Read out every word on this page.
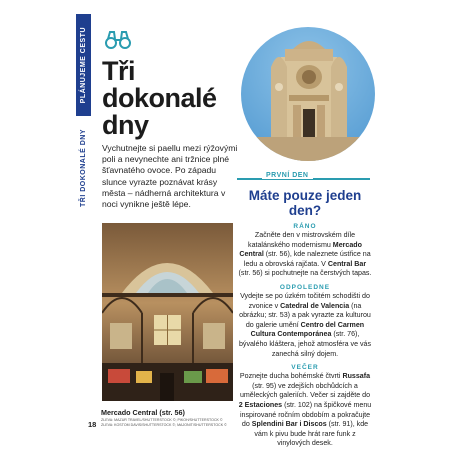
PLÁNUJEME CESTU
TŘI DOKONALÉ DNY
Tři
dokonalé
dny
Vychutnejte si paellu mezi rýžovými poli a nevynechte ani tržnice plné šťavnatého ovoce. Po západu slunce vyrazte poznávat krásy města – nádherná architektura v noci vynikne ještě lépe.
PRVNÍ DEN
Máte pouze jeden den?
RÁNO
Začněte den v mistrovském díle katalánského modernismu Mercado Central (str. 56), kde naleznete ústřice na ledu a obrovská rajčata. V Central Bar (str. 56) si pochutnejte na čerstvých tapas.
ODPOLEDNE
Vydejte se po úzkém točitém schodišti do zvonice v Catedral de Valencia (na obrázku; str. 53) a pak vyrazte za kulturou do galerie umění Centro del Carmen Cultura Contemporánea (str. 76), bývalého kláštera, jehož atmosféra ve vás zanechá silný dojem.
VEČER
Poznejte ducha bohémské čtvrti Russafa (str. 95) ve zdejších obchůdcích a uměleckých galeriích. Večer si zajděte do 2 Estaciones (str. 102) na špičkové menu inspirované ročním obdobím a pokračujte do Splendini Bar i Discos (str. 91), kde vám k pivu bude hrát rare funk z vinylových desek.
Mercado Central (str. 56)
ZLEVA: MAZUR TRAVEL/SHUTTERSTOCK ©; PIKOH/SHUTTERSTOCK ©
ZLEVA: KOSTOM DAVIS/SHUTTERSTOCK ©; MAJONIT/SHUTTERSTOCK ©
18
